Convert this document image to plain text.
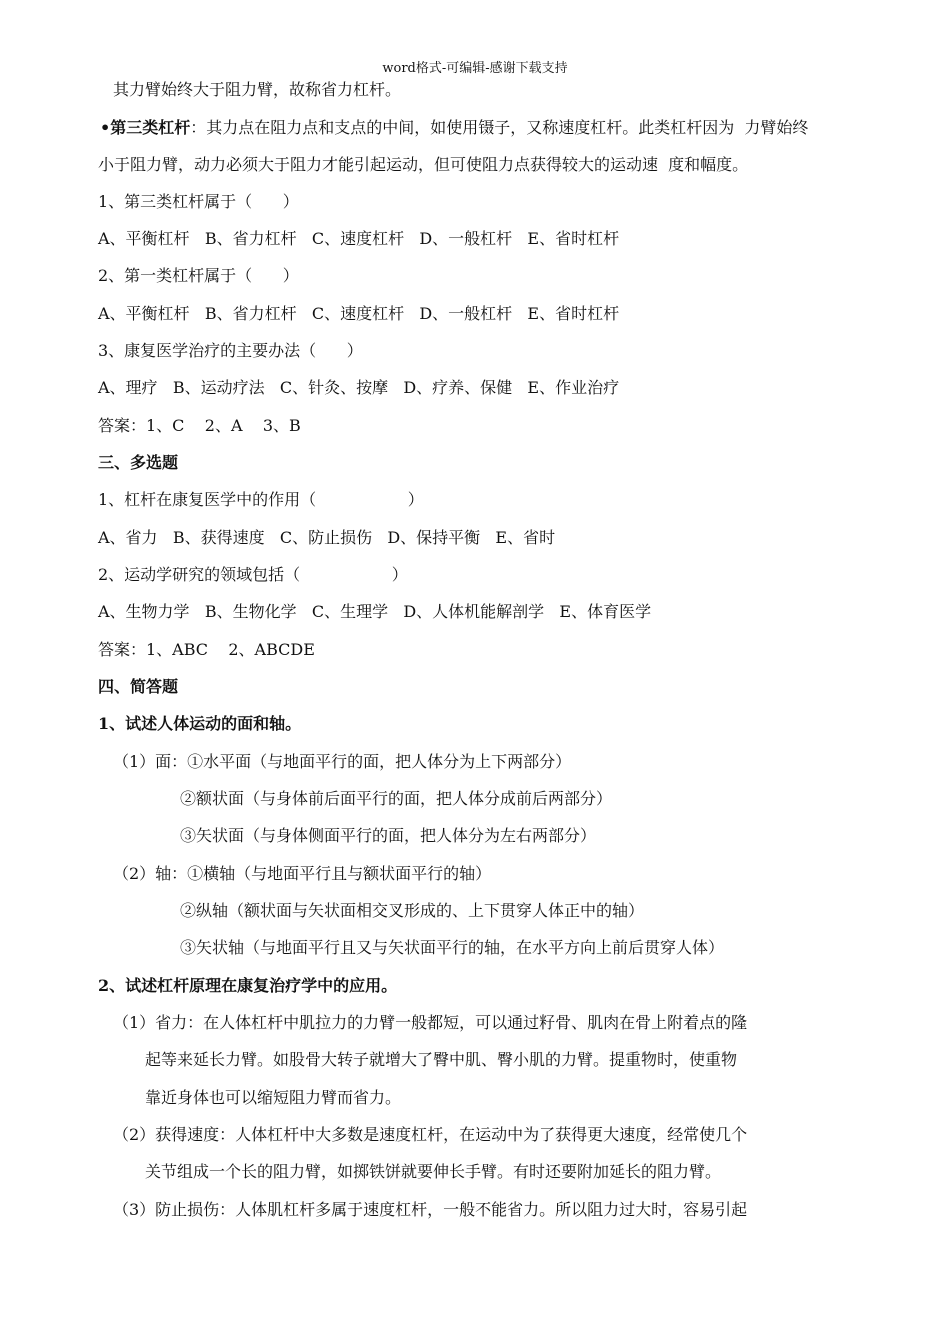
word格式-可编辑-感谢下载支持
其力臂始终大于阻力臂，故称省力杠杆。
•第三类杠杆：其力点在阻力点和支点的中间，如使用镊子，又称速度杠杆。此类杠杆因为  力臂始终
小于阻力臂，动力必须大于阻力才能引起运动，但可使阻力点获得较大的运动速  度和幅度。
1、第三类杠杆属于（      ）
A、平衡杠杆   B、省力杠杆   C、速度杠杆   D、一般杠杆   E、省时杠杆
2、第一类杠杆属于（      ）
A、平衡杠杆   B、省力杠杆   C、速度杠杆   D、一般杠杆   E、省时杠杆
3、康复医学治疗的主要办法（      ）
A、理疗   B、运动疗法   C、针灸、按摩   D、疗养、保健   E、作业治疗
答案：1、C    2、A    3、B
三、多选题
1、杠杆在康复医学中的作用（                  ）
A、省力   B、获得速度   C、防止损伤   D、保持平衡   E、省时
2、运动学研究的领域包括（                  ）
A、生物力学   B、生物化学   C、生理学   D、人体机能解剖学   E、体育医学
答案：1、ABC    2、ABCDE
四、简答题
1、试述人体运动的面和轴。
（1）面：①水平面（与地面平行的面，把人体分为上下两部分）
②额状面（与身体前后面平行的面，把人体分成前后两部分）
③矢状面（与身体侧面平行的面，把人体分为左右两部分）
（2）轴：①横轴（与地面平行且与额状面平行的轴）
②纵轴（额状面与矢状面相交叉形成的、上下贯穿人体正中的轴）
③矢状轴（与地面平行且又与矢状面平行的轴，在水平方向上前后贯穿人体）
2、试述杠杆原理在康复治疗学中的应用。
（1）省力：在人体杠杆中肌拉力的力臂一般都短，可以通过籽骨、肌肉在骨上附着点的隆
起等来延长力臂。如股骨大转子就增大了臀中肌、臀小肌的力臂。提重物时，使重物
靠近身体也可以缩短阻力臂而省力。
（2）获得速度：人体杠杆中大多数是速度杠杆，在运动中为了获得更大速度，经常使几个
关节组成一个长的阻力臂，如掷铁饼就要伸长手臂。有时还要附加延长的阻力臂。
（3）防止损伤：人体肌杠杆多属于速度杠杆，一般不能省力。所以阻力过大时，容易引起
